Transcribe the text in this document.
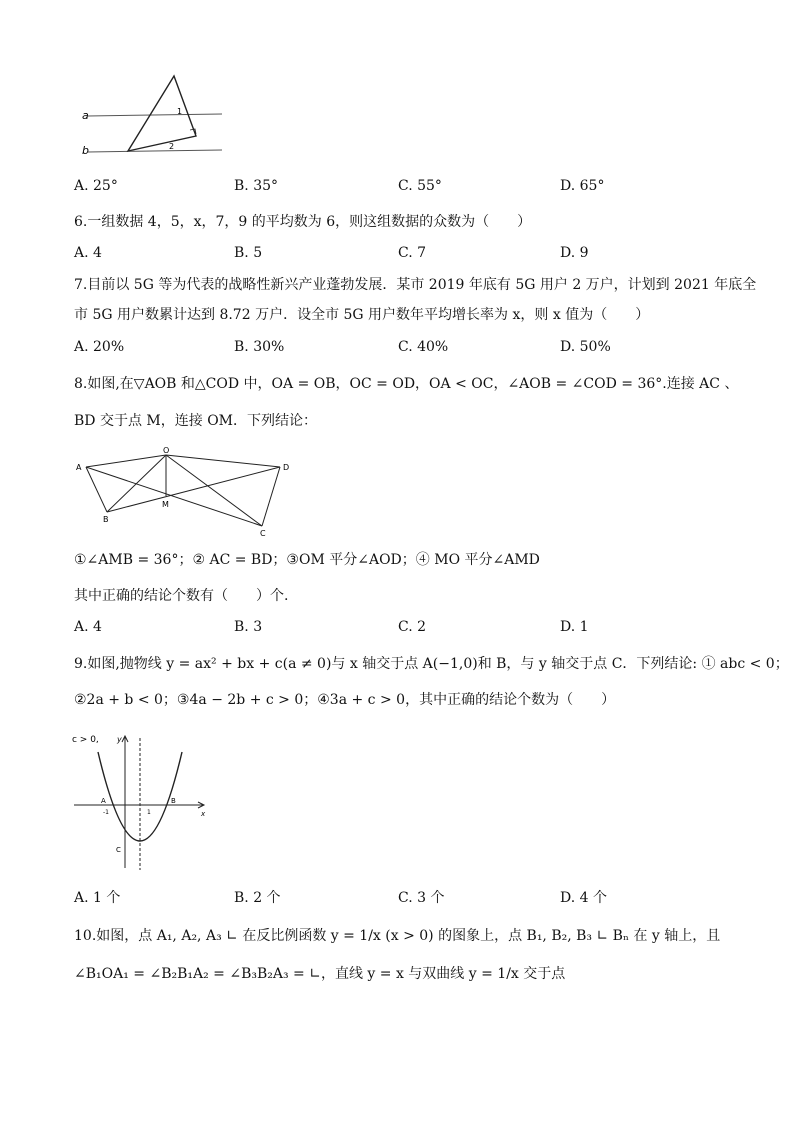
a
b
1
2
A. 25°	B. 35°	C. 55°	D. 65°
6.一组数据 4，5，x，7，9 的平均数为 6，则这组数据的众数为（　　）
A. 4	B. 5	C. 7	D. 9
7.目前以 5G 等为代表的战略性新兴产业蓬勃发展．某市 2019 年底有 5G 用户 2 万户，计划到 2021 年底全
市 5G 用户数累计达到 8.72 万户．设全市 5G 用户数年平均增长率为 x，则 x 值为（　　）
A. 20%	B. 30%	C. 40%	D. 50%
8.如图,在▽AOB 和△COD 中，OA = OB，OC = OD，OA < OC，∠AOB = ∠COD = 36°.连接 AC 、
BD 交于点 M，连接 OM．下列结论：
A
O
D
B
M
C
①∠AMB = 36°；② AC = BD；③OM 平分∠AOD；④ MO 平分∠AMD
其中正确的结论个数有（　　）个.
A. 4	B. 3	C. 2	D. 1
9.如图,抛物线 y = ax² + bx + c(a ≠ 0)与 x 轴交于点 A(−1,0)和 B，与 y 轴交于点 C．下列结论: ① abc < 0；
②2a + b < 0；③4a − 2b + c > 0；④3a + c > 0，其中正确的结论个数为（　　）
c > 0, y
x
A	B
C
-1	1
A. 1 个	B. 2 个	C. 3 个	D. 4 个
10.如图，点 A₁, A₂, A₃ ∟ 在反比例函数 y = 1/x (x > 0) 的图象上，点 B₁, B₂, B₃ ∟ Bₙ 在 y 轴上，且
∠B₁OA₁ = ∠B₂B₁A₂ = ∠B₃B₂A₃ = ∟，直线 y = x 与双曲线 y = 1/x 交于点
